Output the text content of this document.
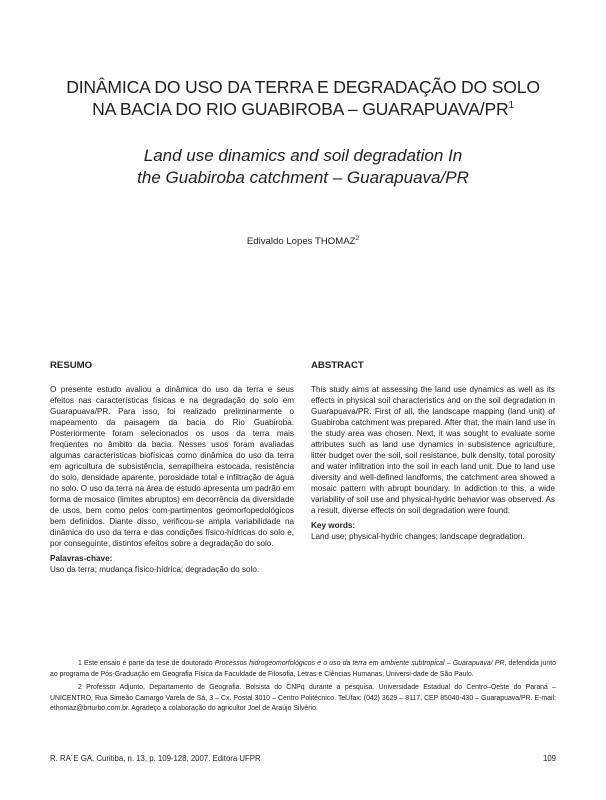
DINÂMICA DO USO DA TERRA E DEGRADAÇÃO DO SOLO
NA BACIA DO RIO GUABIROBA – GUARAPUAVA/$PR^1$
Land use dinamics and soil degradation In
the Guabiroba catchment – Guarapuava/PR
Edivaldo Lopes THOMAZ$^2$
RESUMO

O presente estudo avaliou a dinâmica do uso da terra e seus efeitos nas características físicas e na degradação do solo em Guarapuava/PR. Para isso, foi realizado preliminarmente o mapeamento da paisagem da bacia do Rio Guabiroba. Posteriormente foram selecionados os usos da terra mais freqüentes no âmbito da bacia. Nesses usos foram avaliadas algumas características biofísicas como dinâmica do uso da terra em agricultura de subsistência, serrapilheira estocada, resistência do solo, densidade aparente, porosidade total e infiltração de água no solo. O uso da terra na área de estudo apresenta um padrão em forma de mosaico (limites abruptos) em decorrência da diversidade de usos, bem como pelos com-partimentos geomorfopedológicos bem definidos. Diante disso, verificou-se ampla variabilidade na dinâmica do uso da terra e das condições físico-hídricas do solo e, por conseguinte, distintos efeitos sobre a degradação do solo.

Palavras-chave:

Uso da terra; mudança físico-hídrica; degradação do solo.

ABSTRACT

This study aims at assessing the land use dynamics as well as its effects in physical soil characteristics and on the soil degradation in Guarapuava/PR. First of all, the landscape mapping (land unit) of Guabiroba catchment was prepared. After that, the main land use in the study area was chosen. Next, it was sought to evaluate some attributes such as land use dynamics in subsistence agriculture, litter budget over the soil, soil resistance, bulk density, total porosity and water infiltration into the soil in each land unit. Due to land use diversity and well-defined landforms, the catchment area showed a mosaic pattern with abrupt boundary. In addiction to this, a wide variability of soil use and physical-hydric behavior was observed. As a result, diverse effects on soil degradation were found.

Key words:

Land use; physical-hydric changes; landscape degradation.

1 Este ensaio é parte da tese de doutorado Processos hidrogeomorfológicos e o uso da terra em ambiente subtropical – Guarapuava/ PR, defendida junto ao programa de Pós-Graduação em Geografia Física da Faculdade de Filosofia, Letras e Ciências Humanas, Universi-dade de São Paulo.

2 Professor Adjunto, Departamento de Geografia. Bolsista do CNPq durante a pesquisa. Universidade Estadual do Centro–Oeste do Paraná – UNICENTRO, Rua Simeão Camargo Varela de Sá, 3 – Cx. Postal 3010 – Centro Politécnico. Tel./fax: (042) 3629 – 8117, CEP 85040-430 – Guarapuava/PR. E-mail: ethomaz@brturbo.com.br. Agradeço a colaboração do agricultor Joel de Araújo Silvério.

R. RA´E GA, Curitiba, n. 13, p. 109-128, 2007. Editora UFPR	109
